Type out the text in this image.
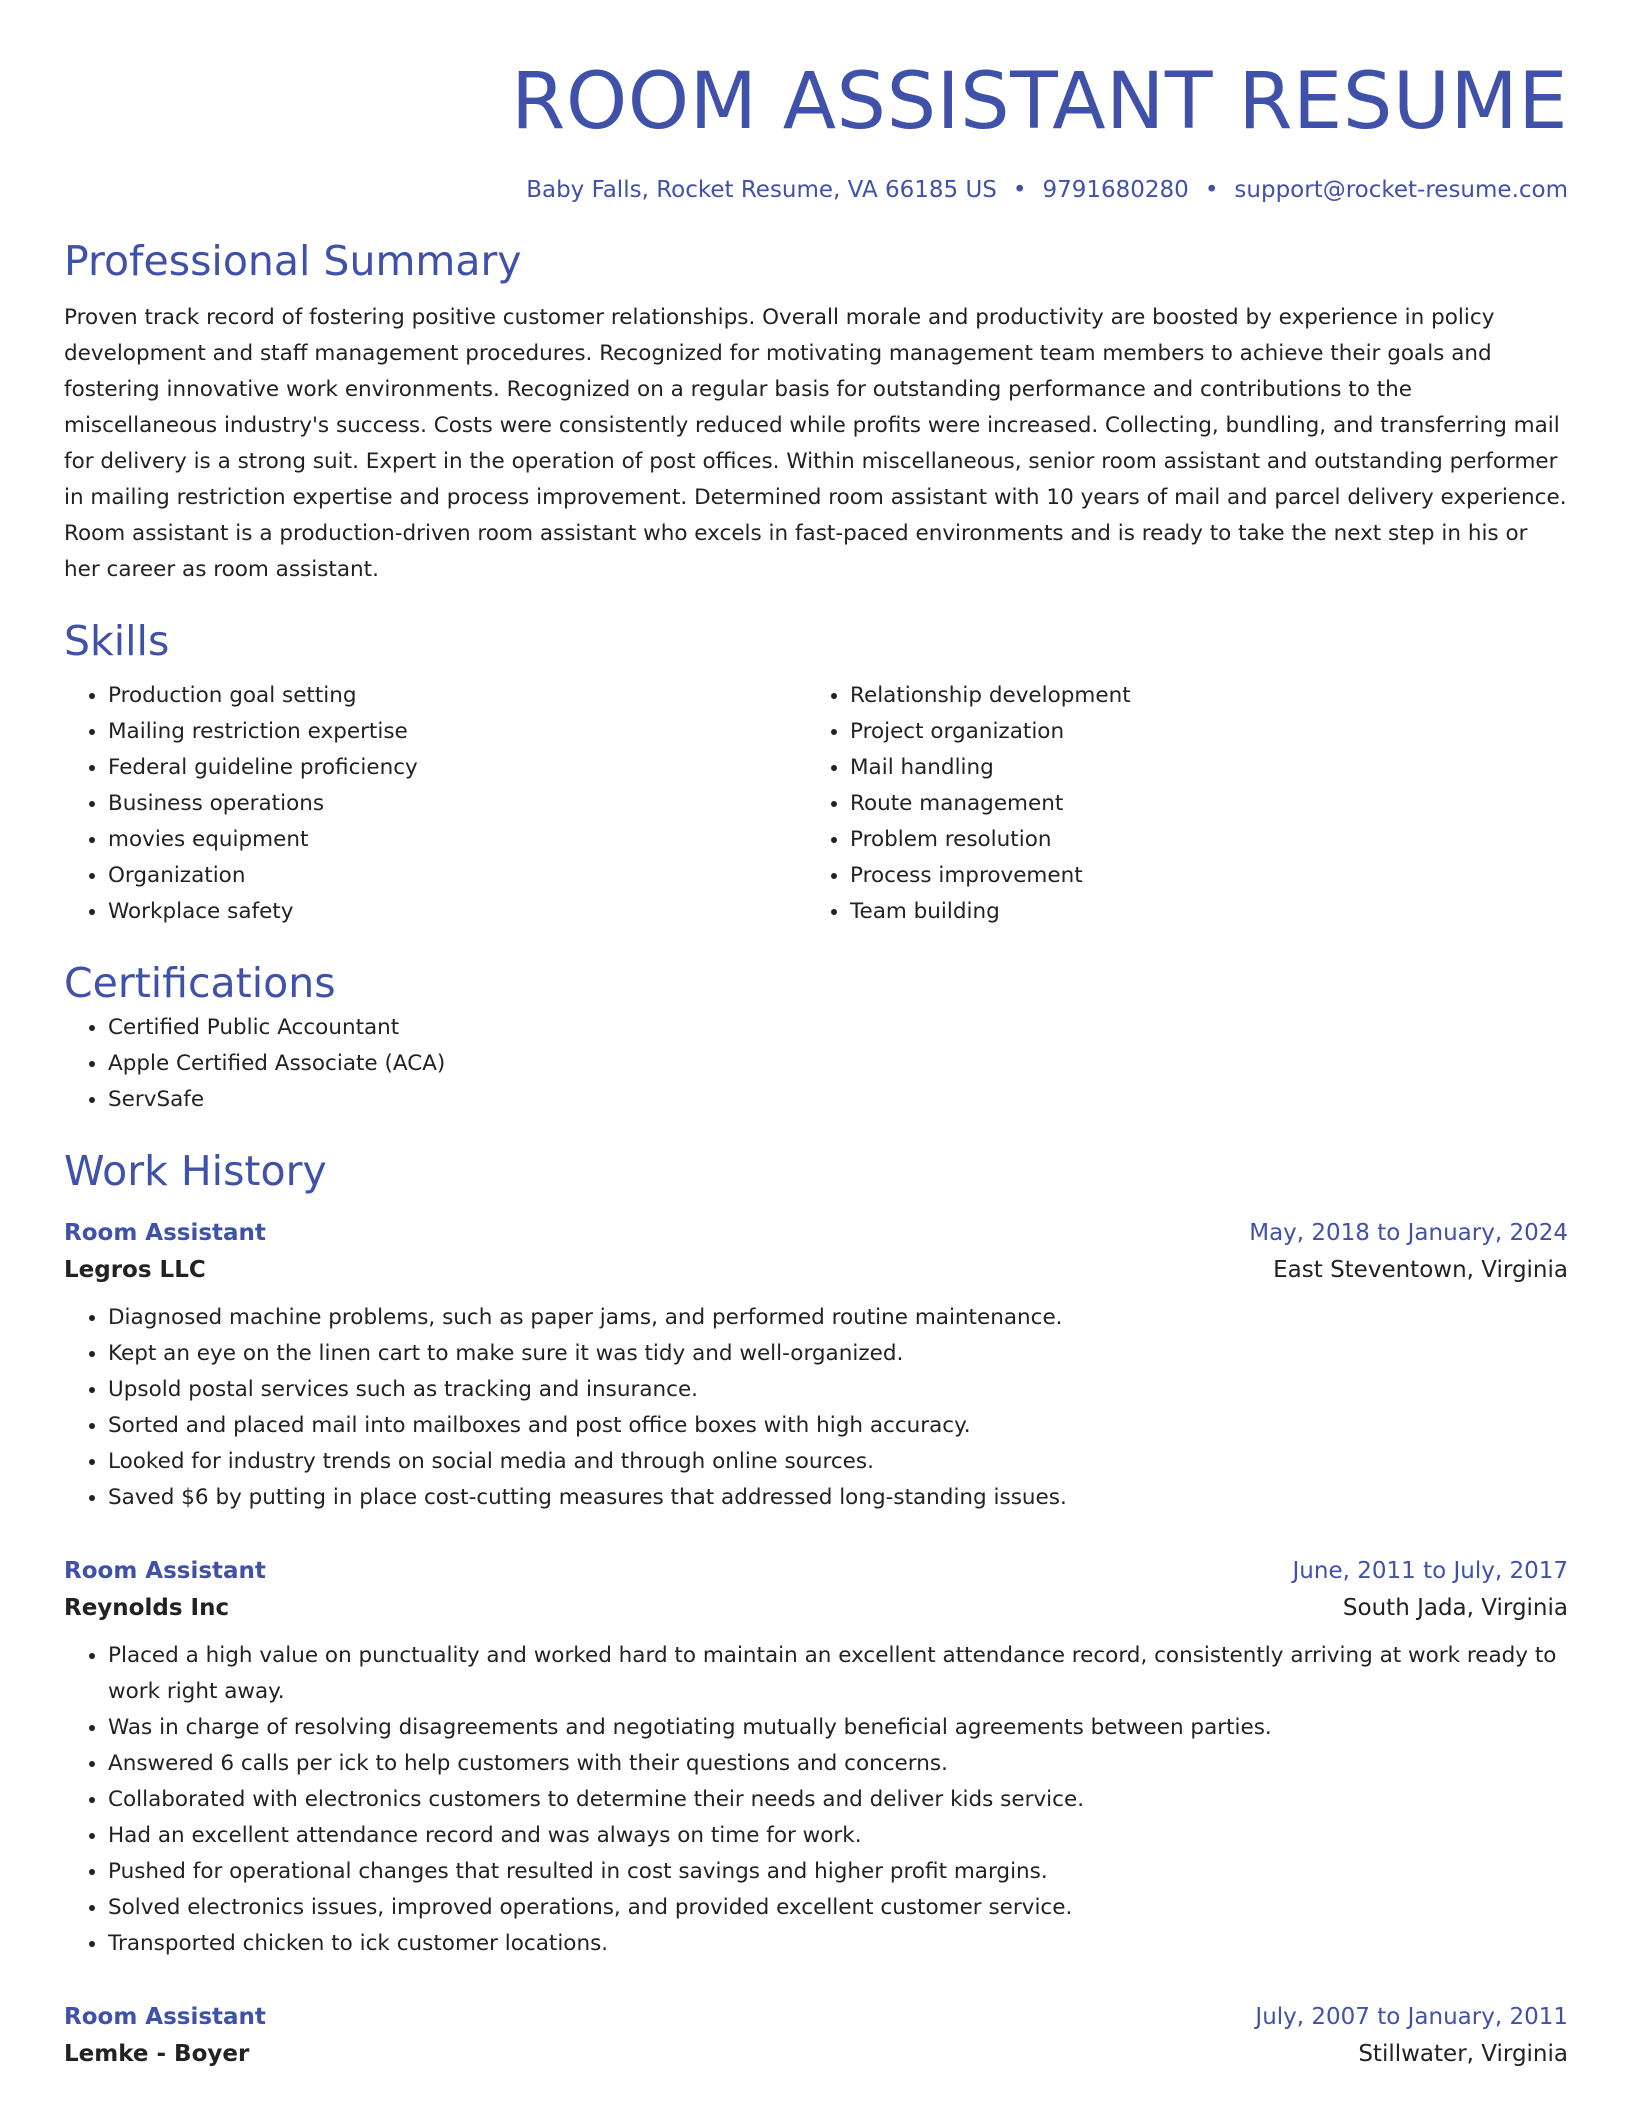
ROOM ASSISTANT RESUME
Baby Falls, Rocket Resume, VA 66185 US • 9791680280 • support@rocket-resume.com
Professional Summary

Proven track record of fostering positive customer relationships. Overall morale and productivity are boosted by experience in policy development and staff management procedures. Recognized for motivating management team members to achieve their goals and fostering innovative work environments. Recognized on a regular basis for outstanding performance and contributions to the miscellaneous industry's success. Costs were consistently reduced while profits were increased. Collecting, bundling, and transferring mail for delivery is a strong suit. Expert in the operation of post offices. Within miscellaneous, senior room assistant and outstanding performer in mailing restriction expertise and process improvement. Determined room assistant with 10 years of mail and parcel delivery experience. Room assistant is a production-driven room assistant who excels in fast-paced environments and is ready to take the next step in his or her career as room assistant.

Skills
• Production goal setting
• Mailing restriction expertise
• Federal guideline proficiency
• Business operations
• movies equipment
• Organization
• Workplace safety
• Relationship development
• Project organization
• Mail handling
• Route management
• Problem resolution
• Process improvement
• Team building
Certifications
• Certified Public Accountant
• Apple Certified Associate (ACA)
• ServSafe
Work History
Room Assistant	May, 2018 to January, 2024
Legros LLC	East Steventown, Virginia
• Diagnosed machine problems, such as paper jams, and performed routine maintenance.
• Kept an eye on the linen cart to make sure it was tidy and well-organized.
• Upsold postal services such as tracking and insurance.
• Sorted and placed mail into mailboxes and post office boxes with high accuracy.
• Looked for industry trends on social media and through online sources.
• Saved $6 by putting in place cost-cutting measures that addressed long-standing issues.
Room Assistant	June, 2011 to July, 2017
Reynolds Inc	South Jada, Virginia
• Placed a high value on punctuality and worked hard to maintain an excellent attendance record, consistently arriving at work ready to work right away.
• Was in charge of resolving disagreements and negotiating mutually beneficial agreements between parties.
• Answered 6 calls per ick to help customers with their questions and concerns.
• Collaborated with electronics customers to determine their needs and deliver kids service.
• Had an excellent attendance record and was always on time for work.
• Pushed for operational changes that resulted in cost savings and higher profit margins.
• Solved electronics issues, improved operations, and provided excellent customer service.
• Transported chicken to ick customer locations.
Room Assistant	July, 2007 to January, 2011
Lemke - Boyer	Stillwater, Virginia
